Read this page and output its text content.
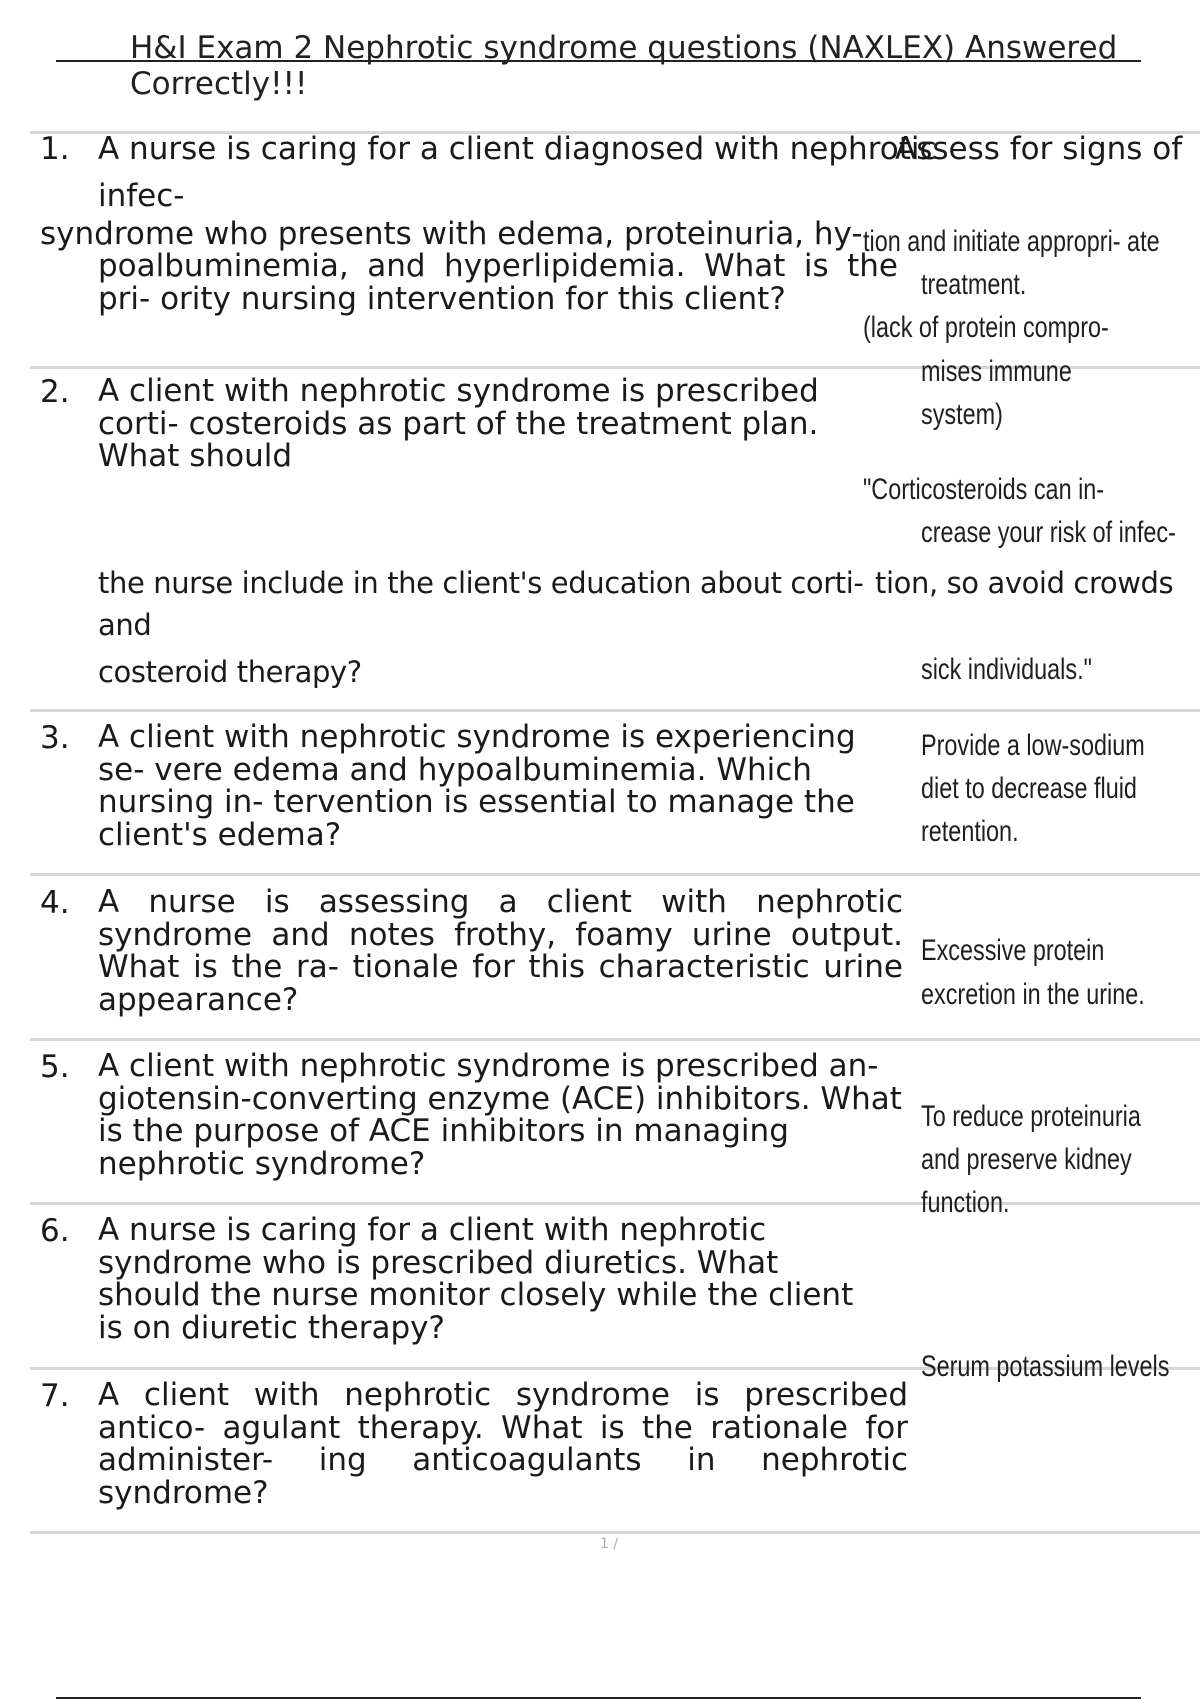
H&I Exam 2 Nephrotic syndrome questions (NAXLEX) Answered Correctly!!!
1. A nurse is caring for a client diagnosed with nephrotic
Assess for signs of
infec-
syndrome who presents with edema, proteinuria, hy-
poalbuminemia, and hyperlipidemia. What is the pri- ority nursing intervention for this client?
tion and initiate appropri- ate
treatment.
(lack of protein compro-
mises immune
system)
2. A client with nephrotic syndrome is prescribed corti- costeroids as part of the treatment plan. What should
"Corticosteroids can in-
crease your risk of infec-
the nurse include in the client's education about corti- tion, so avoid crowds
and
costeroid therapy?	sick individuals."
3. A client with nephrotic syndrome is experiencing se- vere edema and hypoalbuminemia. Which nursing in- tervention is essential to manage the client's edema?
Provide a low-sodium
diet to decrease fluid
retention.
4. A nurse is assessing a client with nephrotic syndrome and notes frothy, foamy urine output. What is the ra- tionale for this characteristic urine appearance?
Excessive protein
excretion in the urine.
5. A client with nephrotic syndrome is prescribed an- giotensin-converting enzyme (ACE) inhibitors. What is the purpose of ACE inhibitors in managing nephrotic syndrome?
To reduce proteinuria
and preserve kidney
function.
6. A nurse is caring for a client with nephrotic syndrome who is prescribed diuretics. What should the nurse monitor closely while the client is on diuretic therapy?
Serum potassium levels
7. A client with nephrotic syndrome is prescribed antico- agulant therapy. What is the rationale for administer- ing anticoagulants in nephrotic syndrome?
1 /
